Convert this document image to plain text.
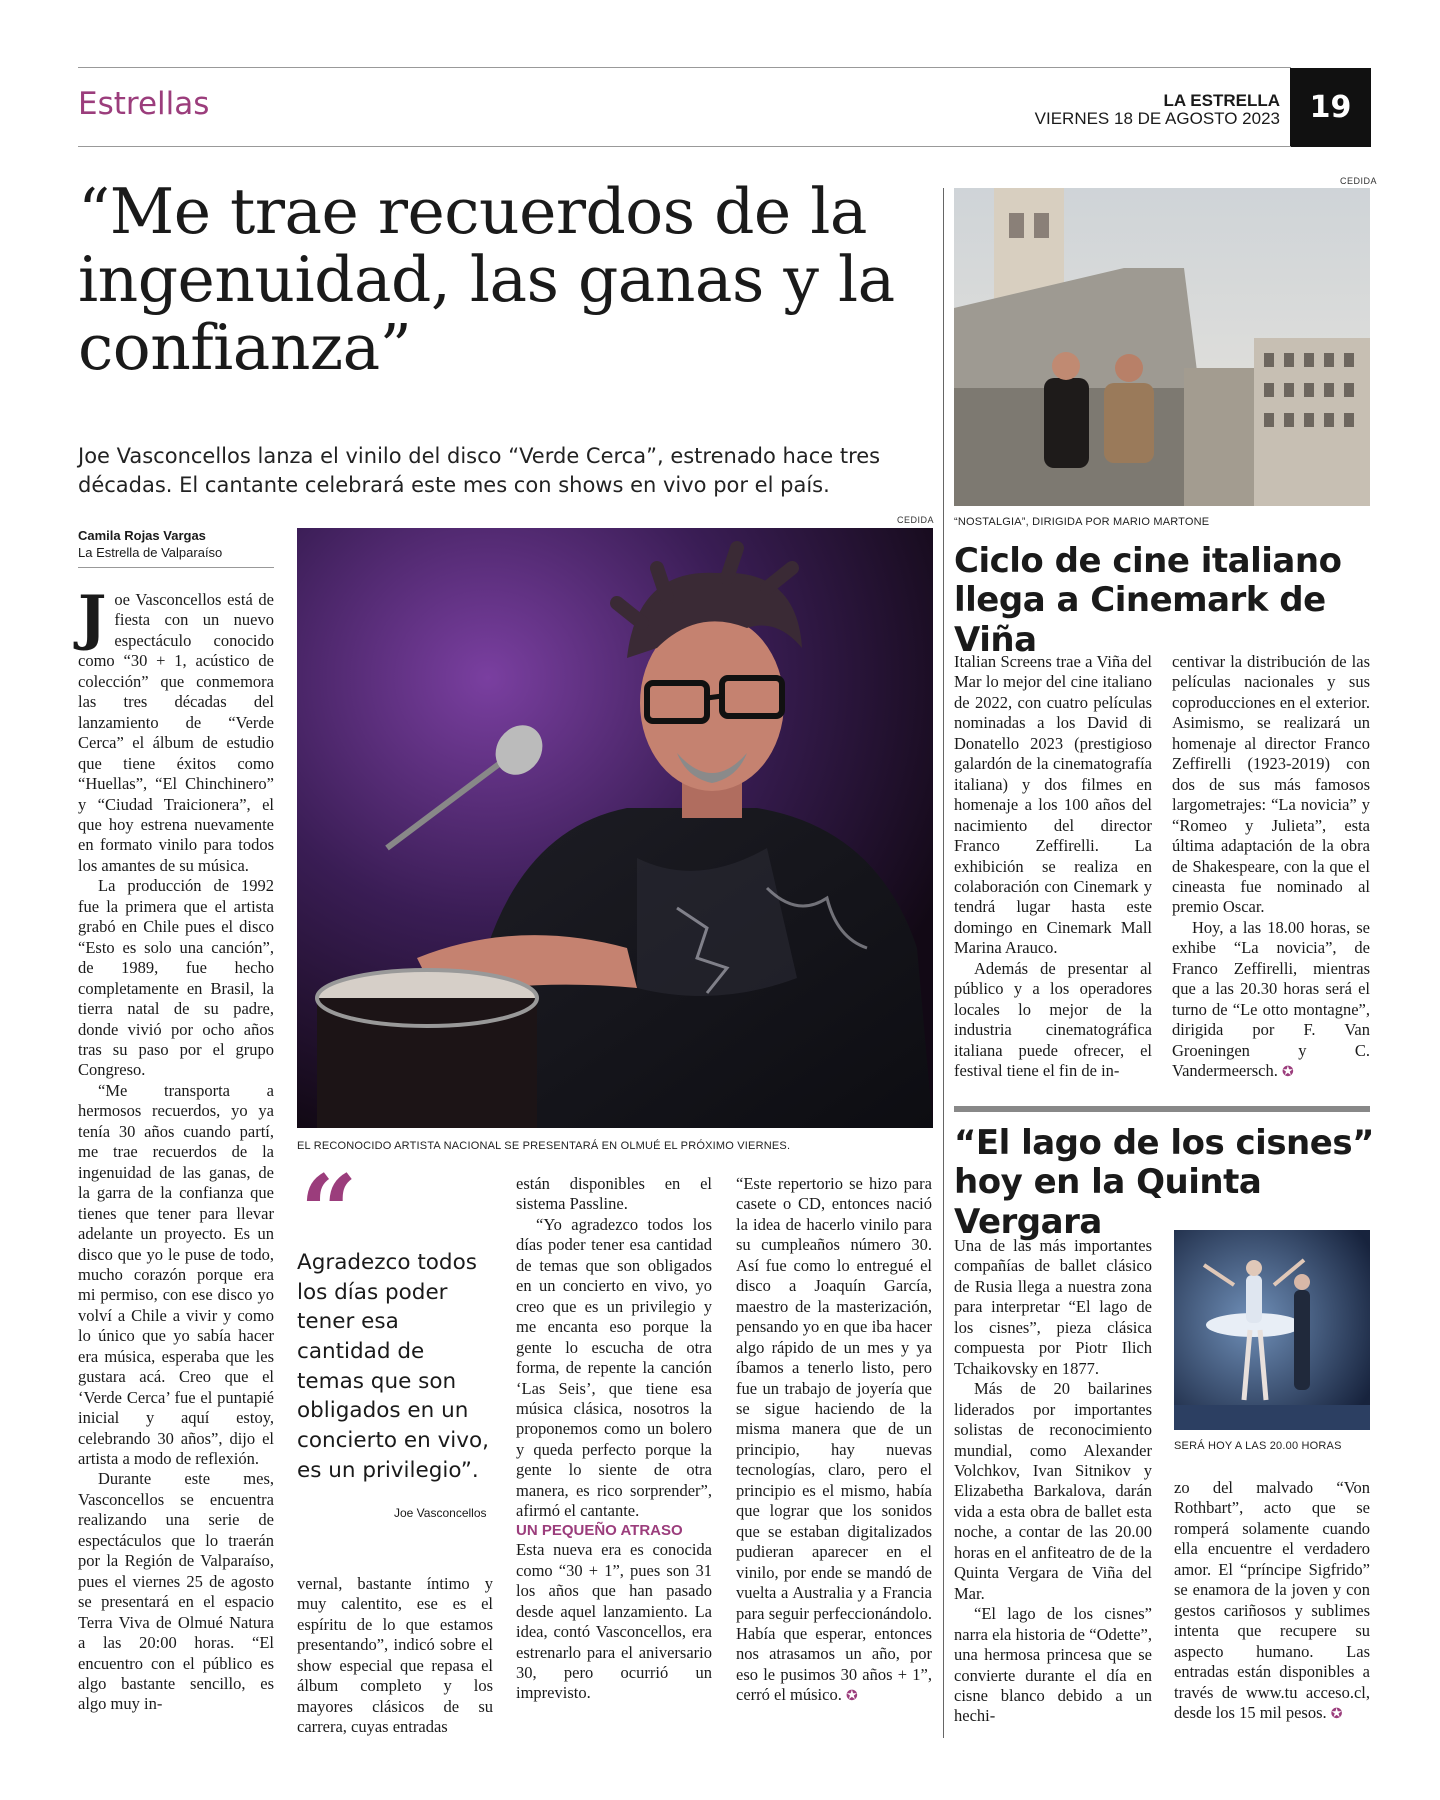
Estrellas	LA ESTRELLA
VIERNES 18 DE AGOSTO 2023 19
“Me trae recuerdos de la ingenuidad, las ganas y la confianza”
Joe Vasconcellos lanza el vinilo del disco “Verde Cerca”, estrenado hace tres décadas. El cantante celebrará este mes con shows en vivo por el país.
Camila Rojas Vargas
La Estrella de Valparaíso
CEDIDA
EL RECONOCIDO ARTISTA NACIONAL SE PRESENTARÁ EN OLMUÉ EL PRÓXIMO VIERNES.

Joe Vasconcellos está de fiesta con un nuevo espectáculo conocido como “30 + 1, acústico de colección” que conmemora las tres décadas del lanzamiento de “Verde Cerca” el álbum de estudio que tiene éxitos como “Huellas”, “El Chinchinero” y “Ciudad Traicionera”, el que hoy estrena nuevamente en formato vinilo para todos los amantes de su música.

La producción de 1992 fue la primera que el artista grabó en Chile pues el disco “Esto es solo una canción”, de 1989, fue hecho completamente en Brasil, la tierra natal de su padre, donde vivió por ocho años tras su paso por el grupo Congreso.

“Me transporta a hermosos recuerdos, yo ya tenía 30 años cuando partí, me trae recuerdos de la ingenuidad de las ganas, de la garra de la confianza que tienes que tener para llevar adelante un proyecto. Es un disco que yo le puse de todo, mucho corazón porque era mi permiso, con ese disco yo volví a Chile a vivir y como lo único que yo sabía hacer era música, esperaba que les gustara acá. Creo que el ‘Verde Cerca’ fue el puntapié inicial y aquí estoy, celebrando 30 años”, dijo el artista a modo de reflexión.

Durante este mes, Vasconcellos se encuentra realizando una serie de espectáculos que lo traerán por la Región de Valparaíso, pues el viernes 25 de agosto se presentará en el espacio Terra Viva de Olmué Natura a las 20:00 horas. “El encuentro con el público es algo bastante sencillo, es algo muy in-

“
Agradezco todos los días poder tener esa cantidad de temas que son obligados en un concierto en vivo, es un privilegio”.
Joe Vasconcellos

vernal, bastante íntimo y muy calentito, ese es el espíritu de lo que estamos presentando”, indicó sobre el show especial que repasa el álbum completo y los mayores clásicos de su carrera, cuyas entradas

están disponibles en el sistema Passline.

“Yo agradezco todos los días poder tener esa cantidad de temas que son obligados en un concierto en vivo, yo creo que es un privilegio y me encanta eso porque la gente lo escucha de otra forma, de repente la canción ‘Las Seis’, que tiene esa música clásica, nosotros la proponemos como un bolero y queda perfecto porque la gente lo siente de otra manera, es rico sorprender”, afirmó el cantante.

UN PEQUEÑO ATRASO

Esta nueva era es conocida como “30 + 1”, pues son 31 los años que han pasado desde aquel lanzamiento. La idea, contó Vasconcellos, era estrenarlo para el aniversario 30, pero ocurrió un imprevisto.

“Este repertorio se hizo para casete o CD, entonces nació la idea de hacerlo vinilo para su cumpleaños número 30. Así fue como lo entregué el disco a Joaquín García, maestro de la masterización, pensando yo en que iba hacer algo rápido de un mes y ya íbamos a tenerlo listo, pero fue un trabajo de joyería que se sigue haciendo de la misma manera que de un principio, hay nuevas tecnologías, claro, pero el principio es el mismo, había que lograr que los sonidos que se estaban digitalizados pudieran aparecer en el vinilo, por ende se mandó de vuelta a Australia y a Francia para seguir perfeccionándolo. Había que esperar, entonces nos atrasamos un año, por eso le pusimos 30 años + 1”, cerró el músico. ✪

CEDIDA
“NOSTALGIA”, DIRIGIDA POR MARIO MARTONE
Ciclo de cine italiano llega a Cinemark de Viña

Italian Screens trae a Viña del Mar lo mejor del cine italiano de 2022, con cuatro películas nominadas a los David di Donatello 2023 (prestigioso galardón de la cinematografía italiana) y dos filmes en homenaje a los 100 años del nacimiento del director Franco Zeffirelli. La exhibición se realiza en colaboración con Cinemark y tendrá lugar hasta este domingo en Cinemark Mall Marina Arauco.

Además de presentar al público y a los operadores locales lo mejor de la industria cinematográfica italiana puede ofrecer, el festival tiene el fin de in-

centivar la distribución de las películas nacionales y sus coproducciones en el exterior. Asimismo, se realizará un homenaje al director Franco Zeffirelli (1923-2019) con dos de sus más famosos largometrajes: “La novicia” y “Romeo y Julieta”, esta última adaptación de la obra de Shakespeare, con la que el cineasta fue nominado al premio Oscar.

Hoy, a las 18.00 horas, se exhibe “La novicia”, de Franco Zeffirelli, mientras que a las 20.30 horas será el turno de “Le otto montagne”, dirigida por F. Van Groeningen y C. Vandermeersch. ✪

“El lago de los cisnes” hoy en la Quinta Vergara
SERÁ HOY A LAS 20.00 HORAS

Una de las más importantes compañías de ballet clásico de Rusia llega a nuestra zona para interpretar “El lago de los cisnes”, pieza clásica compuesta por Piotr Ilich Tchaikovsky en 1877.

Más de 20 bailarines liderados por importantes solistas de reconocimiento mundial, como Alexander Volchkov, Ivan Sitnikov y Elizabetha Barkalova, darán vida a esta obra de ballet esta noche, a contar de las 20.00 horas en el anfiteatro de de la Quinta Vergara de Viña del Mar.

“El lago de los cisnes” narra ela historia de “Odette”, una hermosa princesa que se convierte durante el día en cisne blanco debido a un hechi-

zo del malvado “Von Rothbart”, acto que se romperá solamente cuando ella encuentre el verdadero amor. El “príncipe Sigfrido” se enamora de la joven y con gestos cariñosos y sublimes intenta que recupere su aspecto humano. Las entradas están disponibles a través de www.tu acceso.cl, desde los 15 mil pesos. ✪
